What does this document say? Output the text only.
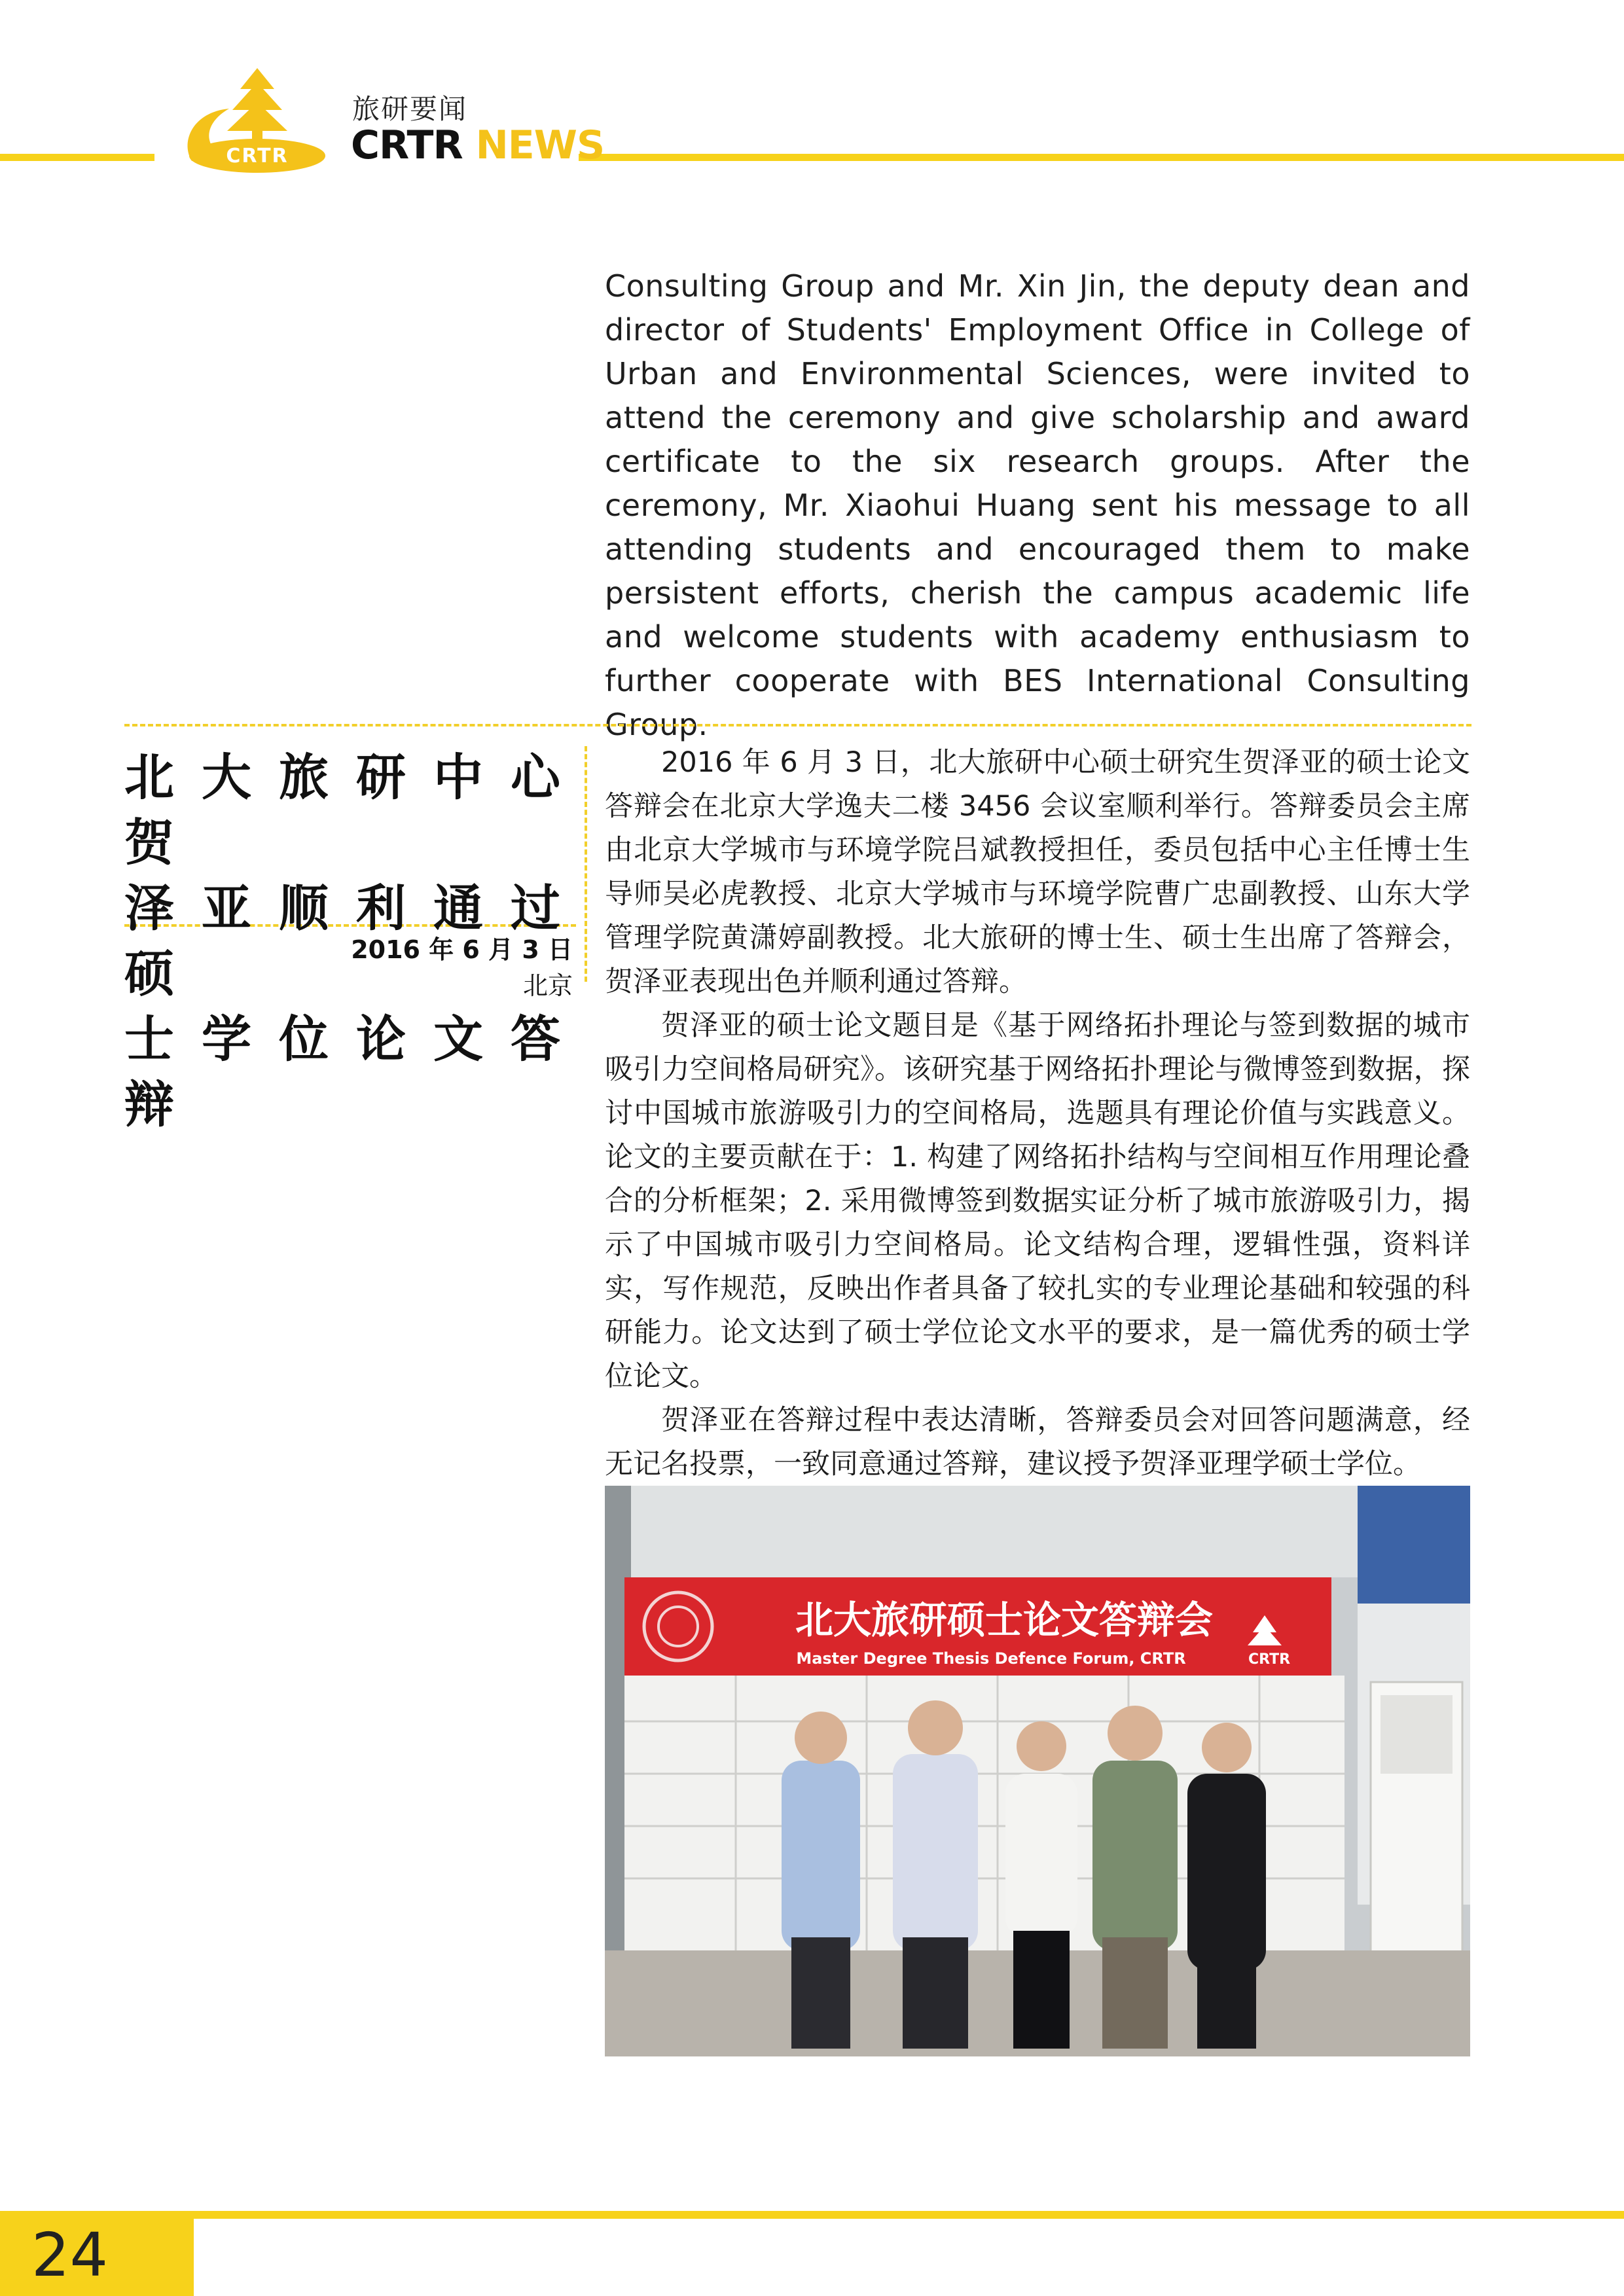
CRTR
旅研要闻
CRTR NEWS
Consulting Group and Mr. Xin Jin, the deputy dean and director of Students' Employment Office in College of Urban and Environmental Sciences, were invited to attend the ceremony and give scholarship and award certificate to the six research groups. After the ceremony, Mr. Xiaohui Huang sent his message to all attending students and encouraged them to make persistent efforts, cherish the campus academic life and welcome students with academy enthusiasm to further cooperate with BES International Consulting Group.
北大旅研中心贺
泽亚顺利通过硕
士学位论文答辩
2016 年 6 月 3 日北京

2016 年 6 月 3 日，北大旅研中心硕士研究生贺泽亚的硕士论文答辩会在北京大学逸夫二楼 3456 会议室顺利举行。答辩委员会主席由北京大学城市与环境学院吕斌教授担任，委员包括中心主任博士生导师吴必虎教授、北京大学城市与环境学院曹广忠副教授、山东大学管理学院黄潇婷副教授。北大旅研的博士生、硕士生出席了答辩会，贺泽亚表现出色并顺利通过答辩。

贺泽亚的硕士论文题目是《基于网络拓扑理论与签到数据的城市吸引力空间格局研究》。该研究基于网络拓扑理论与微博签到数据，探讨中国城市旅游吸引力的空间格局，选题具有理论价值与实践意义。论文的主要贡献在于：1. 构建了网络拓扑结构与空间相互作用理论叠合的分析框架；2. 采用微博签到数据实证分析了城市旅游吸引力，揭示了中国城市吸引力空间格局。论文结构合理，逻辑性强，资料详实，写作规范，反映出作者具备了较扎实的专业理论基础和较强的科研能力。论文达到了硕士学位论文水平的要求，是一篇优秀的硕士学位论文。

贺泽亚在答辩过程中表达清晰，答辩委员会对回答问题满意，经无记名投票，一致同意通过答辩，建议授予贺泽亚理学硕士学位。

北大旅研硕士论文答辩会
Master Degree Thesis Defence Forum, CRTR	CRTR
24
